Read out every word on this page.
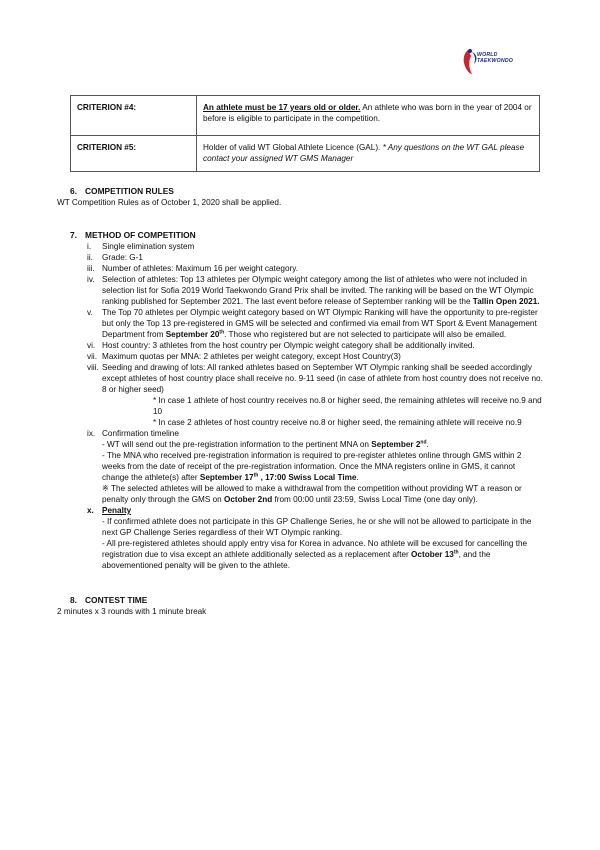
WORLD
TAEKWONDO
CRITERION #4:	An athlete must be 17 years old or older. An athlete who was born in the year of 2004 or before is eligible to participate in the competition.
CRITERION #5:	Holder of valid WT Global Athlete Licence (GAL). * Any questions on the WT GAL please contact your assigned WT GMS Manager
6. COMPETITION RULES
WT Competition Rules as of October 1, 2020 shall be applied.
7. METHOD OF COMPETITION
i. Single elimination system
ii. Grade: G-1
iii. Number of athletes: Maximum 16 per weight category.
iv. Selection of athletes: Top 13 athletes per Olympic weight category among the list of athletes who were not included in selection list for Sofia 2019 World Taekwondo Grand Prix shall be invited. The ranking will be based on the WT Olympic ranking published for September 2021. The last event before release of September ranking will be the Tallin Open 2021.
v. The Top 70 athletes per Olympic weight category based on WT Olympic Ranking will have the opportunity to pre-register but only the Top 13 pre-registered in GMS will be selected and confirmed via email from WT Sport & Event Management Department from September 20th. Those who registered but are not selected to participate will also be emailed.
vi. Host country: 3 athletes from the host country per Olympic weight category shall be additionally invited.
vii. Maximum quotas per MNA: 2 athletes per weight category, except Host Country(3)
viii. Seeding and drawing of lots: All ranked athletes based on September WT Olympic ranking shall be seeded accordingly except athletes of host country place shall receive no. 9-11 seed (in case of athlete from host country does not receive no. 8 or higher seed)
* In case 1 athlete of host country receives no.8 or higher seed, the remaining athletes will receive no.9 and 10
* In case 2 athletes of host country receive no.8 or higher seed, the remaining athlete will receive no.9
ix. Confirmation timeline
- WT will send out the pre-registration information to the pertinent MNA on September 2nd.
- The MNA who received pre-registration information is required to pre-register athletes online through GMS within 2 weeks from the date of receipt of the pre-registration information. Once the MNA registers online in GMS, it cannot change the athlete(s) after September 17th , 17:00 Swiss Local Time.
※ The selected athletes will be allowed to make a withdrawal from the competition without providing WT a reason or penalty only through the GMS on October 2nd from 00:00 until 23:59, Swiss Local Time (one day only).
x. Penalty
- If confirmed athlete does not participate in this GP Challenge Series, he or she will not be allowed to participate in the next GP Challenge Series regardless of their WT Olympic ranking.
- All pre-registered athletes should apply entry visa for Korea in advance. No athlete will be excused for cancelling the registration due to visa except an athlete additionally selected as a replacement after October 13th, and the abovementioned penalty will be given to the athlete.
8. CONTEST TIME
2 minutes x 3 rounds with 1 minute break
